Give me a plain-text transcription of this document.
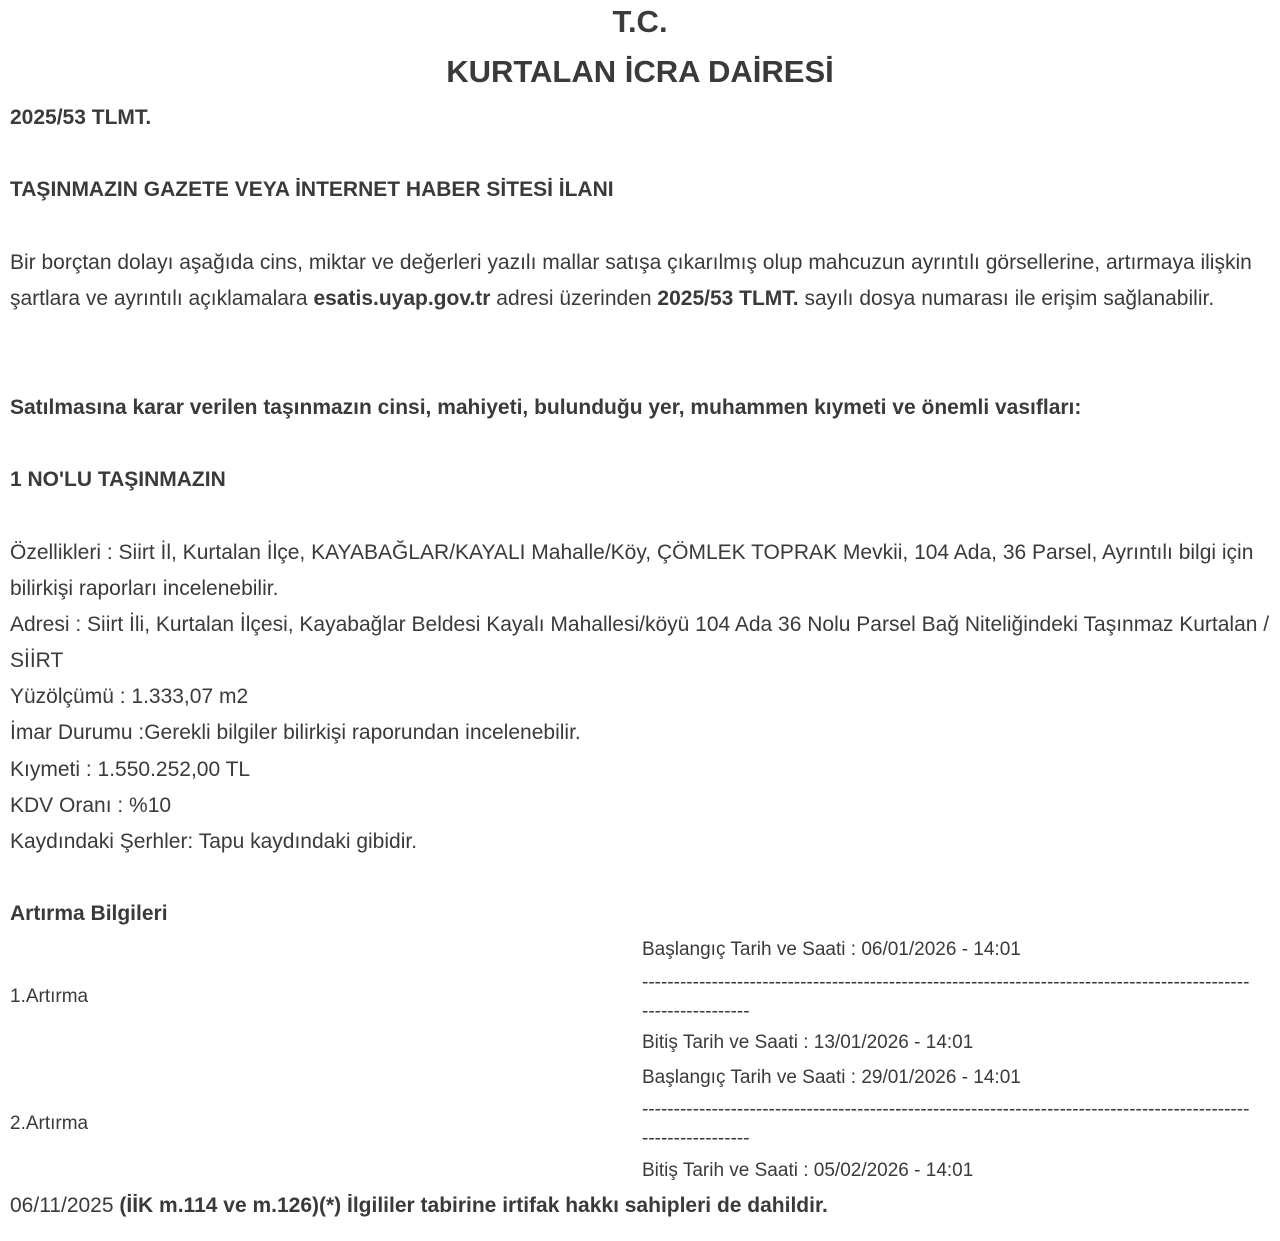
T.C.
KURTALAN İCRA DAİRESİ
2025/53 TLMT.
TAŞINMAZIN GAZETE VEYA İNTERNET HABER SİTESİ İLANI
Bir borçtan dolayı aşağıda cins, miktar ve değerleri yazılı mallar satışa çıkarılmış olup mahcuzun ayrıntılı görsellerine, artırmaya ilişkin şartlara ve ayrıntılı açıklamalara esatis.uyap.gov.tr adresi üzerinden 2025/53 TLMT. sayılı dosya numarası ile erişim sağlanabilir.
Satılmasına karar verilen taşınmazın cinsi, mahiyeti, bulunduğu yer, muhammen kıymeti ve önemli vasıfları:
1 NO'LU TAŞINMAZIN
Özellikleri : Siirt İl, Kurtalan İlçe, KAYABAĞLAR/KAYALI Mahalle/Köy, ÇÖMLEK TOPRAK Mevkii, 104 Ada, 36 Parsel, Ayrıntılı bilgi için bilirkişi raporları incelenebilir.
Adresi : Siirt İli, Kurtalan İlçesi, Kayabağlar Beldesi Kayalı Mahallesi/köyü 104 Ada 36 Nolu Parsel Bağ Niteliğindeki Taşınmaz Kurtalan / SİİRT
Yüzölçümü : 1.333,07 m2
İmar Durumu :Gerekli bilgiler bilirkişi raporundan incelenebilir.
Kıymeti : 1.550.252,00 TL
KDV Oranı : %10
Kaydındaki Şerhler: Tapu kaydındaki gibidir.
Artırma Bilgileri
Başlangıç Tarih ve Saati : 06/01/2026 - 14:01
1.Artırma
------------------------------------------------------------------------------------------------
-----------------
Bitiş Tarih ve Saati : 13/01/2026 - 14:01
Başlangıç Tarih ve Saati : 29/01/2026 - 14:01
2.Artırma
------------------------------------------------------------------------------------------------
-----------------
Bitiş Tarih ve Saati : 05/02/2026 - 14:01
06/11/2025 (İİK m.114 ve m.126)(*) İlgililer tabirine irtifak hakkı sahipleri de dahildir.
